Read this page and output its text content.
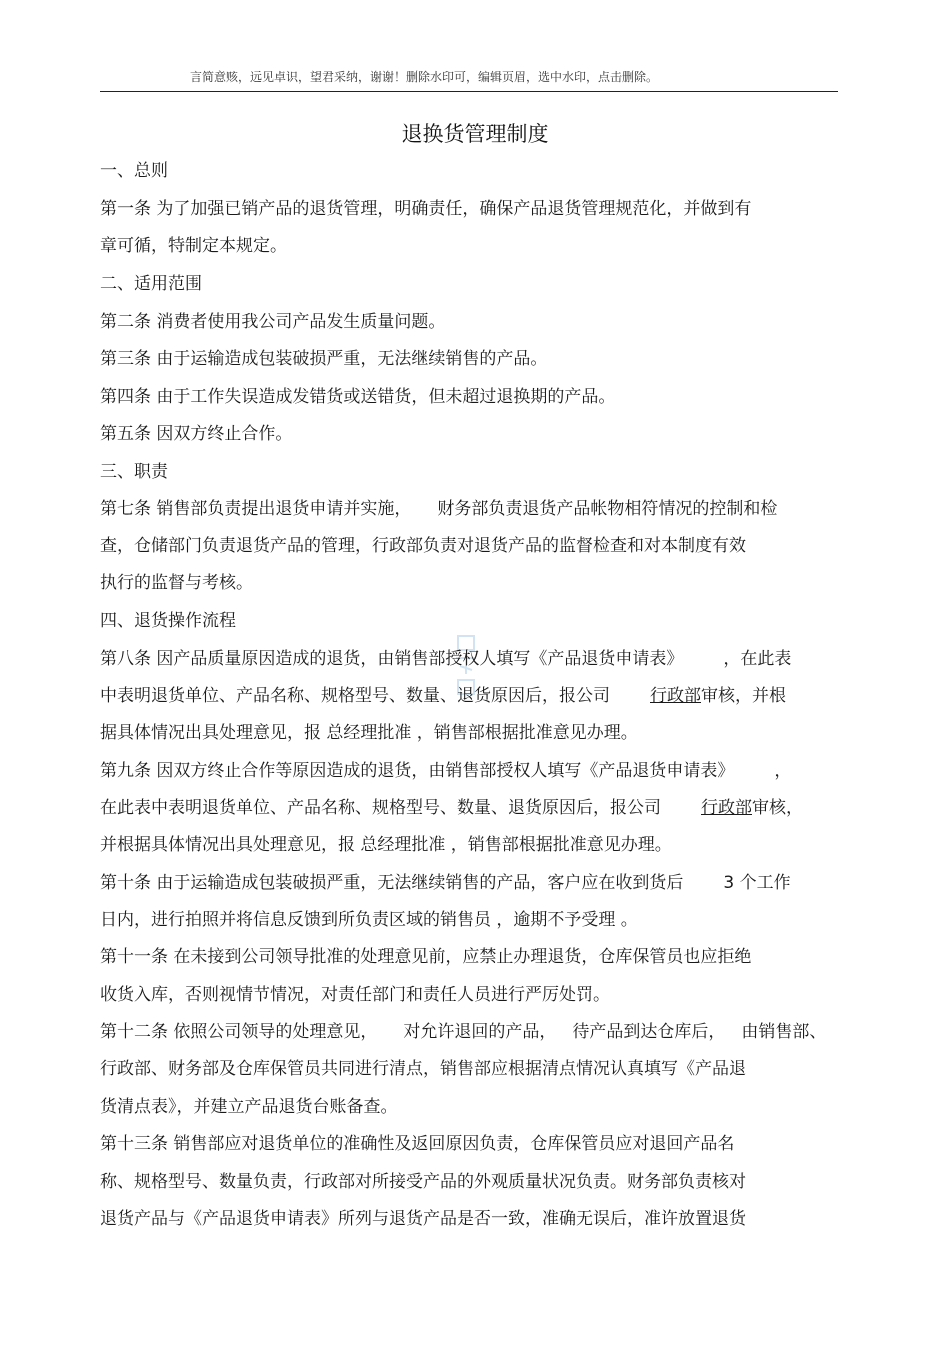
言简意赅，远见卓识，望君采纳，谢谢！删除水印可，编辑页眉，选中水印，点击删除。
退换货管理制度
一、总则
第一条 为了加强已销产品的退货管理，明确责任，确保产品退货管理规范化，并做到有
章可循，特制定本规定。
二、适用范围
第二条 消费者使用我公司产品发生质量问题。
第三条 由于运输造成包装破损严重，无法继续销售的产品。
第四条 由于工作失误造成发错货或送错货，但未超过退换期的产品。
第五条 因双方终止合作。
三、职责
第七条 销售部负责提出退货申请并实施， 财务部负责退货产品帐物相符情况的控制和检
查，仓储部门负责退货产品的管理，行政部负责对退货产品的监督检查和对本制度有效
执行的监督与考核。
四、退货操作流程
第八条 因产品质量原因造成的退货，由销售部授权人填写《产品退货申请表》 ，在此表
中表明退货单位、产品名称、规格型号、数量、退货原因后，报公司 行政部审核，并根
据具体情况出具处理意见，报 总经理批准 ，销售部根据批准意见办理。
第九条 因双方终止合作等原因造成的退货，由销售部授权人填写《产品退货申请表》 ，
在此表中表明退货单位、产品名称、规格型号、数量、退货原因后，报公司 行政部审核，
并根据具体情况出具处理意见，报 总经理批准 ，销售部根据批准意见办理。
第十条 由于运输造成包装破损严重，无法继续销售的产品，客户应在收到货后 3 个工作
日内，进行拍照并将信息反馈到所负责区域的销售员 ，逾期不予受理 。
第十一条 在未接到公司领导批准的处理意见前，应禁止办理退货，仓库保管员也应拒绝
收货入库，否则视情节情况，对责任部门和责任人员进行严厉处罚。
第十二条 依照公司领导的处理意见， 对允许退回的产品， 待产品到达仓库后， 由销售部、
行政部、财务部及仓库保管员共同进行清点，销售部应根据清点情况认真填写《产品退
货清点表》，并建立产品退货台账备查。
第十三条 销售部应对退货单位的准确性及返回原因负责，仓库保管员应对退回产品名
称、规格型号、数量负责，行政部对所接受产品的外观质量状况负责。财务部负责核对
退货产品与《产品退货申请表》所列与退货产品是否一致，准确无误后，准许放置退货
